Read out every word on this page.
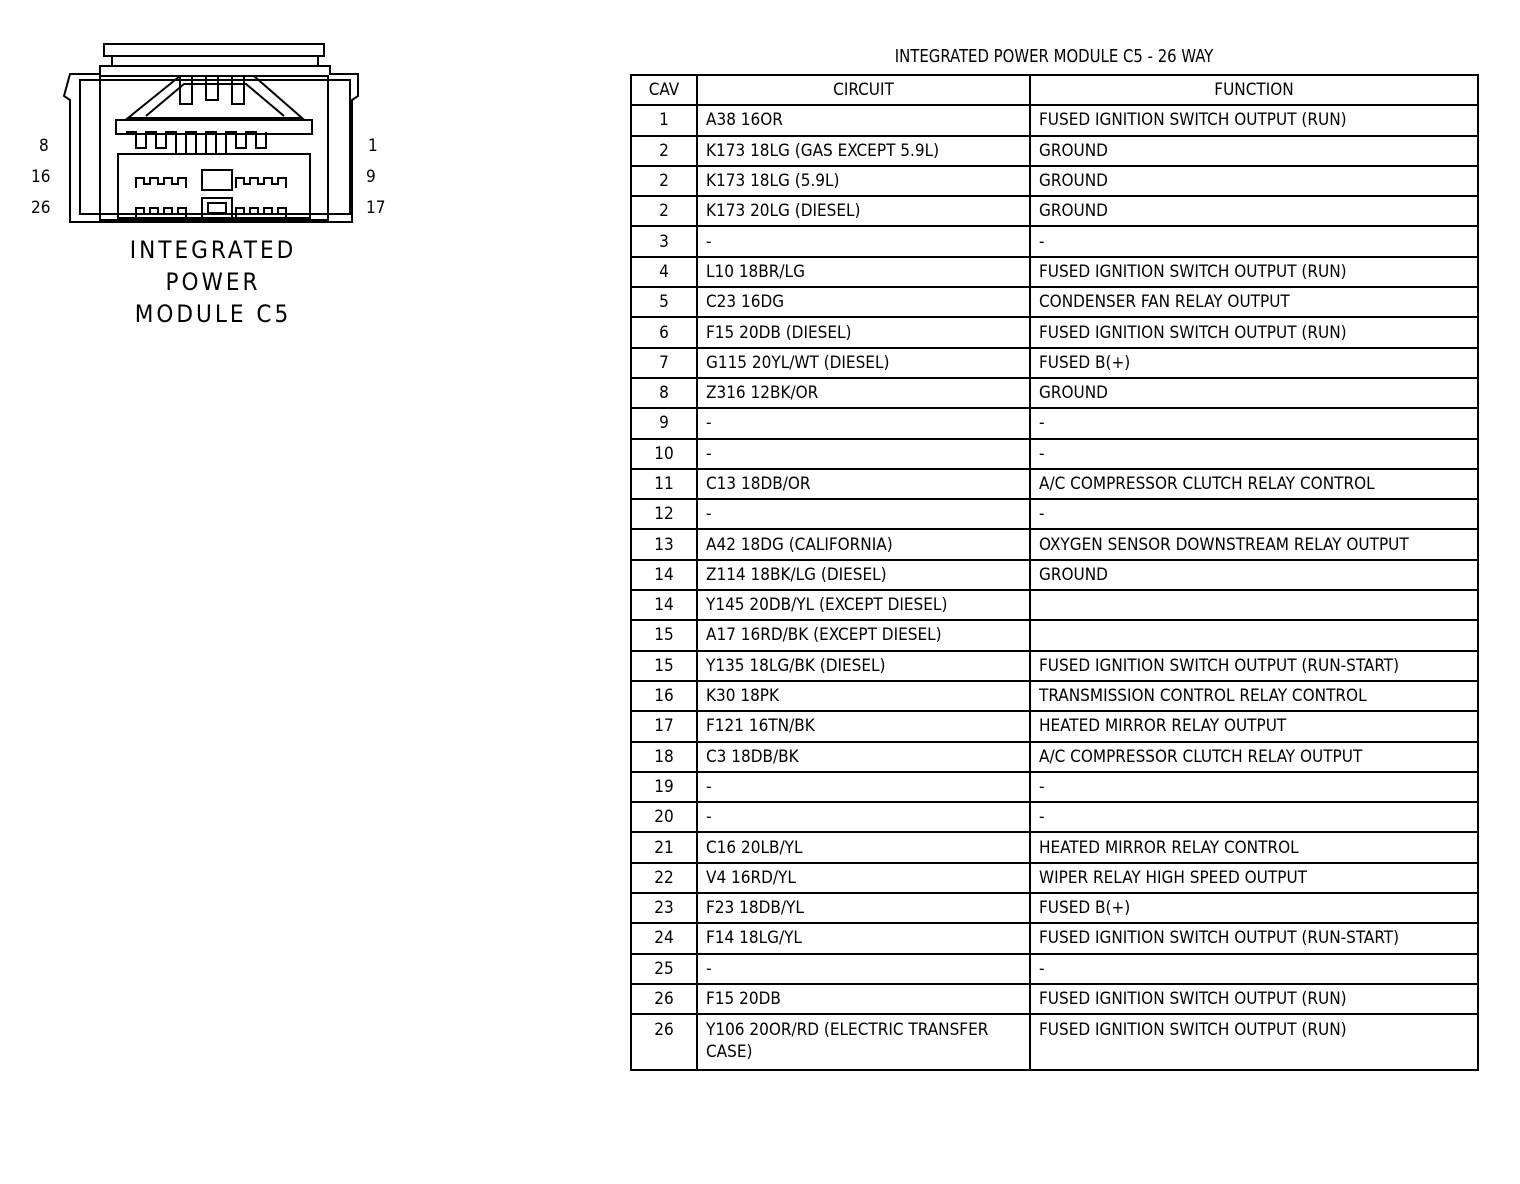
8
16
26
1
9
17
INTEGRATED
POWER
MODULE C5
INTEGRATED POWER MODULE C5 - 26 WAY
CAV	CIRCUIT	FUNCTION
1	A38 16OR	FUSED IGNITION SWITCH OUTPUT (RUN)
2	K173 18LG (GAS EXCEPT 5.9L)	GROUND
2	K173 18LG (5.9L)	GROUND
2	K173 20LG (DIESEL)	GROUND
3	-	-
4	L10 18BR/LG	FUSED IGNITION SWITCH OUTPUT (RUN)
5	C23 16DG	CONDENSER FAN RELAY OUTPUT
6	F15 20DB (DIESEL)	FUSED IGNITION SWITCH OUTPUT (RUN)
7	G115 20YL/WT (DIESEL)	FUSED B(+)
8	Z316 12BK/OR	GROUND
9	-	-
10	-	-
11	C13 18DB/OR	A/C COMPRESSOR CLUTCH RELAY CONTROL
12	-	-
13	A42 18DG (CALIFORNIA)	OXYGEN SENSOR DOWNSTREAM RELAY OUTPUT
14	Z114 18BK/LG (DIESEL)	GROUND
14	Y145 20DB/YL (EXCEPT DIESEL)	
15	A17 16RD/BK (EXCEPT DIESEL)	
15	Y135 18LG/BK (DIESEL)	FUSED IGNITION SWITCH OUTPUT (RUN-START)
16	K30 18PK	TRANSMISSION CONTROL RELAY CONTROL
17	F121 16TN/BK	HEATED MIRROR RELAY OUTPUT
18	C3 18DB/BK	A/C COMPRESSOR CLUTCH RELAY OUTPUT
19	-	-
20	-	-
21	C16 20LB/YL	HEATED MIRROR RELAY CONTROL
22	V4 16RD/YL	WIPER RELAY HIGH SPEED OUTPUT
23	F23 18DB/YL	FUSED B(+)
24	F14 18LG/YL	FUSED IGNITION SWITCH OUTPUT (RUN-START)
25	-	-
26	F15 20DB	FUSED IGNITION SWITCH OUTPUT (RUN)
26	Y106 20OR/RD (ELECTRIC TRANSFER CASE)	FUSED IGNITION SWITCH OUTPUT (RUN)
